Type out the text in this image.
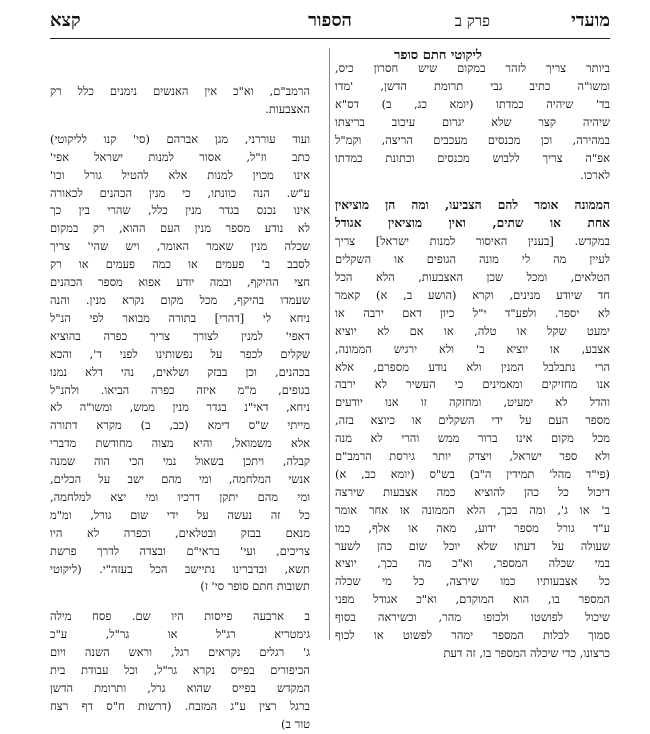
קצא	הספור	פרק ב	מועדי
ליקוטי חתם סופר
ביותר צריך לזהר במקום שיש חסרון כיס,
ומשו"ה כתיב גבי תרומת הדשן, 'מדו
בד' שיהיה כמדתו (יומא כג, ב) דס"א
שיהיה קצר שלא יגרום עיכוב בריצתו
במהירה, וכן מכנסים מעכבים הריצה, וקמ"ל
אפ"ה צריך ללבוש מכנסים וכתונת כמדתו
לארכו.
הממונה אומר להם הצביעו, ומה הן מוציאין
אחת או שתים, ואין מוציאין אגודל
במקדש. [בענין האיסור למנות ישראל] צריך
לעיין מה לי מונה הגופים או השקלים
הטלאים, ומכל שכן האצבעות, הלא הכל
חד שיודע מנינים, וקרא (הושע ב, א) קאמר
לא יספר. ולפע"ד י"ל כיון דאם ירבה או
ימעט שקל או טלה, או אם לא יוציא
אצבע, או יוציא ב' ולא ירגיש הממונה,
הרי נתבלבל המנין ולא נודע מספרם, אלא
אנו מחזיקים ומאמינים כי העשיר לא ירבה
והדל לא ימעיט, ומחזקה זו אנו יודעים
מספר העם על ידי השקלים או כיוצא בזה,
מכל מקום אינו ברור ממש והרי לא מנה
ולא ספר ישראל, ויצדק יותר גירסת הרמב"ם
(פי"ד מהל' תמידין ה"ב) בש"ס (יומא כב, א)
דיכול כל כהן להוציא כמה אצבעות שירצה
ב' או ג', ומה בכך, הלא הממונה או אחר אומר
ע"ד גורל מספר ידוע, מאה או אלף, כמו
שעולה על דעתו שלא יוכל שום כהן לשער
במי שכלה המספר, וא"כ מה בכך, יוציא
כל אצבעותיו כמו שירצה, כל מי שכלה
המספר בו, הוא המוקדם, וא"כ אגודל מפני
שיכול לפושטו ולכופו מהר, וכשיראה בסוף
סמוך לכלות המספר ימהר לפשוט או לכוף
כרצונו, כדי שיכלה המספר בו, זה דעת
הרמב"ם, וא"כ אין האנשים נימנים כלל רק
האצבעות.
ועוד עוררני, מגן אברהם (סי' קנו לליקוטי)
כתב וז"ל, אסור למנות ישראל אפי'
אינו מכוין למנות אלא להטיל גורל וכו'
ע"ש. הנה כוונתו, כי מנין הכהנים לכאורה
אינו נכנס בגדר מנין כלל, שהרי בין כך
לא נודע מספר מנין העם ההוא, רק במקום
שכלה מנין שאמר האומר, ויש שהי' צריך
לסבב ב' פעמים או כמה פעמים או רק
חצי ההיקף, ובמה יודע אפוא מספר הכהנים
שעמדו בהיקף, מכל מקום נקרא מנין. והנה
ניחא לי [דהרי] בתורה מבואר לפי הנ"ל
דאפי' למנין לצורך צריך כפרה בהוציא
שקלים לכפר על נפשותינו לפני ד', והכא
בכהנים, וכן בבזק ושלאים, נהי דלא נמנו
בגופים, מ"מ איזה כפרה הביאו. ולהנ"ל
ניחא, דאי"נ בגדר מנין ממש, ומשו"ה לא
מייתי ש"ס דימא (כב, ב) מקרא דתורה
אלא משמואל, והיא מצוה מחודשת מדברי
קבלה, ויתכן בשאול נמי הכי הוה שמנה
אנשי המלחמה, ומי מהם ישב על הכלים,
ומי מהם יתקן דרכיו ומי יצא למלחמה,
כל זה נעשה על ידי שום גורל, ומ"מ
מנאם בבזק ובטלאים, וכפרה לא היו
צריכים, ועי' בראי"ם ובצדה לדרך פרשת
תשא, ובדברינו נתיישב הכל בעזה"י. (ליקוטי
תשובות חתם סופר סי' ז)
ב ארבעה פייסות היו שם. פסח מילה
גימטריא רג"ל או גר"ל, ע"כ
ג' רגלים נקראים רגל, וראש השנה ויום
הכיפורים בפייס נקרא גר"ל, וכל עבודת בית
המקדש בפייס שהוא גרל, ותרומת הדשן
ברגל רצין ע"ג המזבח. (דרשות ח"ס דף רצח
טור ב)
